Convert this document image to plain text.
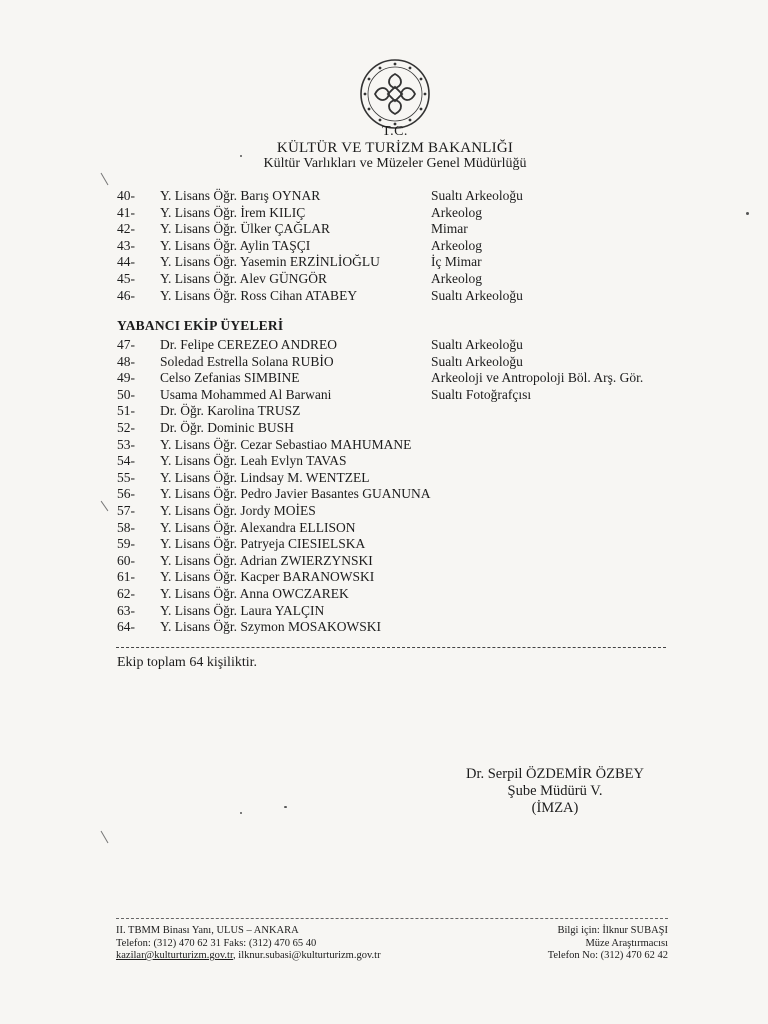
T.C.
KÜLTÜR VE TURİZM BAKANLIĞI
Kültür Varlıkları ve Müzeler Genel Müdürlüğü
40- Y. Lisans Öğr. Barış OYNAR	Sualtı Arkeoloğu
41- Y. Lisans Öğr. İrem KILIÇ	Arkeolog
42- Y. Lisans Öğr. Ülker ÇAĞLAR	Mimar
43- Y. Lisans Öğr. Aylin TAŞÇI	Arkeolog
44- Y. Lisans Öğr. Yasemin ERZİNLİOĞLU	İç Mimar
45- Y. Lisans Öğr. Alev GÜNGÖR	Arkeolog
46- Y. Lisans Öğr. Ross Cihan ATABEY	Sualtı Arkeoloğu
YABANCI EKİP ÜYELERİ
47- Dr. Felipe CEREZEO ANDREO	Sualtı Arkeoloğu
48- Soledad Estrella Solana RUBİO	Sualtı Arkeoloğu
49- Celso Zefanias SIMBINE	Arkeoloji ve Antropoloji Böl. Arş. Gör.
50- Usama Mohammed Al Barwani	Sualtı Fotoğrafçısı
51- Dr. Öğr. Karolina TRUSZ
52- Dr. Öğr. Dominic BUSH
53- Y. Lisans Öğr. Cezar Sebastiao MAHUMANE
54- Y. Lisans Öğr. Leah Evlyn TAVAS
55- Y. Lisans Öğr. Lindsay M. WENTZEL
56- Y. Lisans Öğr. Pedro Javier Basantes GUANUNA
57- Y. Lisans Öğr. Jordy MOİES
58- Y. Lisans Öğr. Alexandra ELLISON
59- Y. Lisans Öğr. Patryeja CIESIELSKA
60- Y. Lisans Öğr. Adrian ZWIERZYNSKI
61- Y. Lisans Öğr. Kacper BARANOWSKI
62- Y. Lisans Öğr. Anna OWCZAREK
63- Y. Lisans Öğr. Laura YALÇIN
64- Y. Lisans Öğr. Szymon MOSAKOWSKI
Ekip toplam 64 kişiliktir.
Dr. Serpil ÖZDEMİR ÖZBEY
Şube Müdürü V.
(İMZA)
II. TBMM Binası Yanı, ULUS – ANKARA
Telefon: (312) 470 62 31 Faks: (312) 470 65 40
kazilar@kulturturizm.gov.tr, ilknur.subasi@kulturturizm.gov.tr
Bilgi için: İlknur SUBAŞI
Müze Araştırmacısı
Telefon No: (312) 470 62 42
